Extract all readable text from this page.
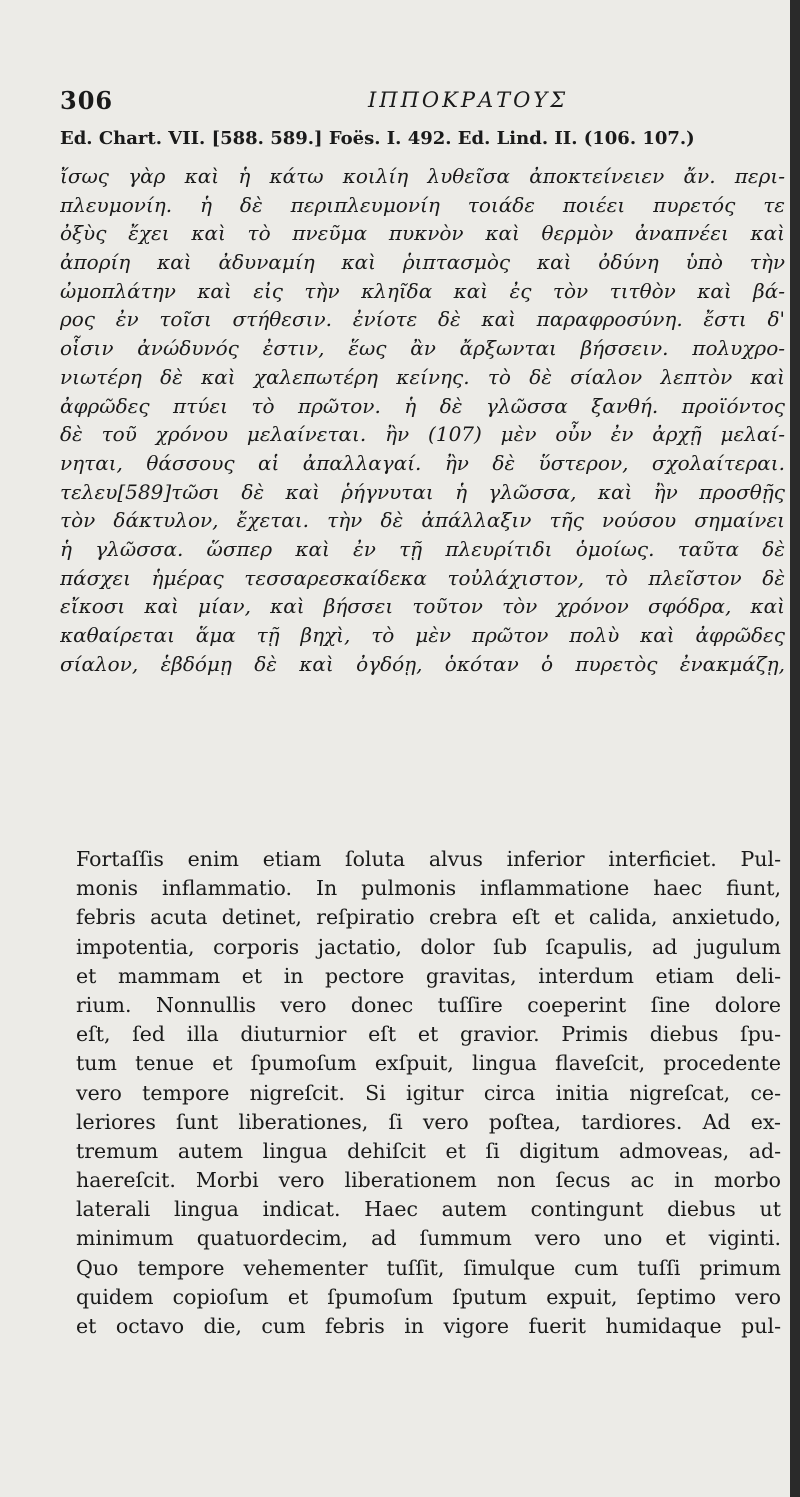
306	ΙΠΠΟΚΡΑΤΟΥΣ
Ed. Chart. VII. [588. 589.] Foës. I. 492. Ed. Lind. II. (106. 107.)
ἴσως γὰρ καὶ ἡ κάτω κοιλίη λυθεῖσα ἀποκτείνειεν ἄν. περι-
πλευμονίη. ἡ δὲ περιπλευμονίη τοιάδε ποιέει πυρετός τε
ὀξὺς ἔχει καὶ τὸ πνεῦμα πυκνὸν καὶ θερμὸν ἀναπνέει καὶ
ἀπορίη καὶ ἀδυναμίη καὶ ῥιπτασμὸς καὶ ὀδύνη ὑπὸ τὴν
ὠμοπλάτην καὶ εἰς τὴν κληῖδα καὶ ἐς τὸν τιτθὸν καὶ βά-
ρος ἐν τοῖσι στήθεσιν. ἐνίοτε δὲ καὶ παραφροσύνη. ἔστι δ'
οἷσιν ἀνώδυνός ἐστιν, ἕως ἂν ἄρξωνται βήσσειν. πολυχρο-
νιωτέρη δὲ καὶ χαλεπωτέρη κείνης. τὸ δὲ σίαλον λεπτὸν καὶ
ἀφρῶδες πτύει τὸ πρῶτον. ἡ δὲ γλῶσσα ξανθή. προϊόντος
δὲ τοῦ χρόνου μελαίνεται. ἢν (107) μὲν οὖν ἐν ἀρχῇ μελαί-
νηται, θάσσους αἱ ἀπαλλαγαί. ἢν δὲ ὕστερον, σχολαίτεραι.
τελευ[589]τῶσι δὲ καὶ ῥήγνυται ἡ γλῶσσα, καὶ ἢν προσθῇς
τὸν δάκτυλον, ἔχεται. τὴν δὲ ἀπάλλαξιν τῆς νούσου σημαίνει
ἡ γλῶσσα. ὥσπερ καὶ ἐν τῇ πλευρίτιδι ὁμοίως. ταῦτα δὲ
πάσχει ἡμέρας τεσσαρεσκαίδεκα τοὐλάχιστον, τὸ πλεῖστον δὲ
εἴκοσι καὶ μίαν, καὶ βήσσει τοῦτον τὸν χρόνον σφόδρα, καὶ
καθαίρεται ἅμα τῇ βηχὶ, τὸ μὲν πρῶτον πολὺ καὶ ἀφρῶδες
σίαλον, ἑβδόμῃ δὲ καὶ ὀγδόῃ, ὁκόταν ὁ πυρετὸς ἐνακμάζῃ,
Fortaſſis enim etiam ſoluta alvus inferior interficiet. Pul-
monis inflammatio. In pulmonis inflammatione haec fiunt,
febris acuta detinet, reſpiratio crebra eſt et calida, anxietudo,
impotentia, corporis jactatio, dolor ſub ſcapulis, ad jugulum
et mammam et in pectore gravitas, interdum etiam deli-
rium. Nonnullis vero donec tuſſire coeperint ſine dolore
eſt, ſed illa diuturnior eſt et gravior. Primis diebus ſpu-
tum tenue et ſpumoſum exſpuit, lingua flaveſcit, procedente
vero tempore nigreſcit. Si igitur circa initia nigreſcat, ce-
leriores ſunt liberationes, ſi vero poſtea, tardiores. Ad ex-
tremum autem lingua dehiſcit et ſi digitum admoveas, ad-
haereſcit. Morbi vero liberationem non ſecus ac in morbo
laterali lingua indicat. Haec autem contingunt diebus ut
minimum quatuordecim, ad ſummum vero uno et viginti.
Quo tempore vehementer tuſſit, ſimulque cum tuſſi primum
quidem copioſum et ſpumoſum ſputum expuit, ſeptimo vero
et octavo die, cum febris in vigore fuerit humidaque pul-
